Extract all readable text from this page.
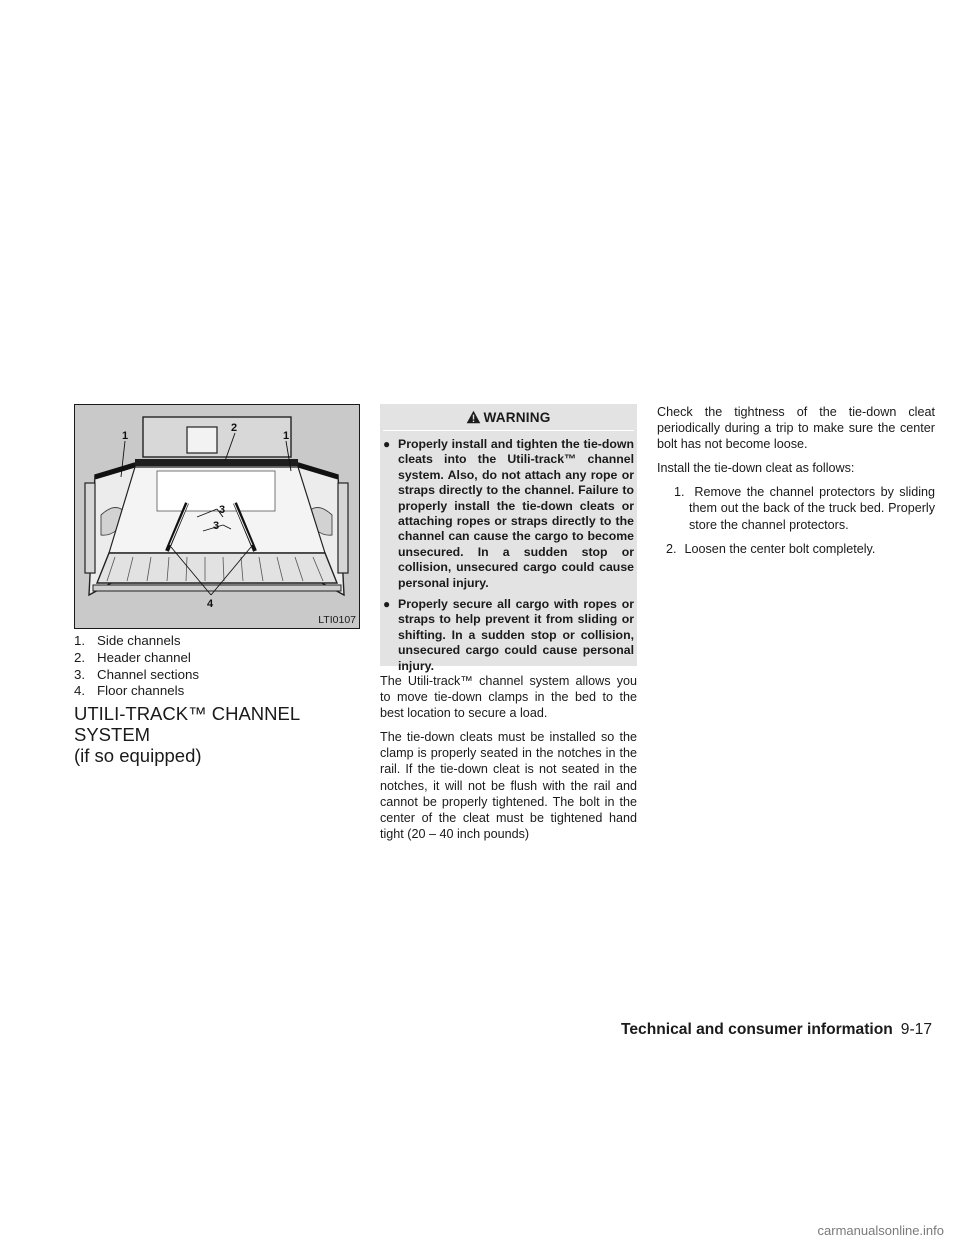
1
2
1
3
3
4
LTI0107
1. Side channels
2. Header channel
3. Channel sections
4. Floor channels
UTILI-TRACK™ CHANNEL SYSTEM
(if so equipped)
WARNING
● Properly install and tighten the tie-down cleats into the Utili-track™ channel system. Also, do not attach any rope or straps directly to the channel. Failure to properly install the tie-down cleats or attaching ropes or straps directly to the channel can cause the cargo to become unsecured. In a sudden stop or collision, unsecured cargo could cause personal injury.
● Properly secure all cargo with ropes or straps to help prevent it from sliding or shifting. In a sudden stop or collision, unsecured cargo could cause personal injury.

The Utili-track™ channel system allows you to move tie-down clamps in the bed to the best location to secure a load.

The tie-down cleats must be installed so the clamp is properly seated in the notches in the rail. If the tie-down cleat is not seated in the notches, it will not be flush with the rail and cannot be properly tightened. The bolt in the center of the cleat must be tightened hand tight (20 – 40 inch pounds)

Check the tightness of the tie-down cleat periodically during a trip to make sure the center bolt has not become loose.

Install the tie-down cleat as follows:

1. Remove the channel protectors by sliding them out the back of the truck bed. Properly store the channel protectors.
2. Loosen the center bolt completely.
Technical and consumer information 9-17
carmanualsonline.info
